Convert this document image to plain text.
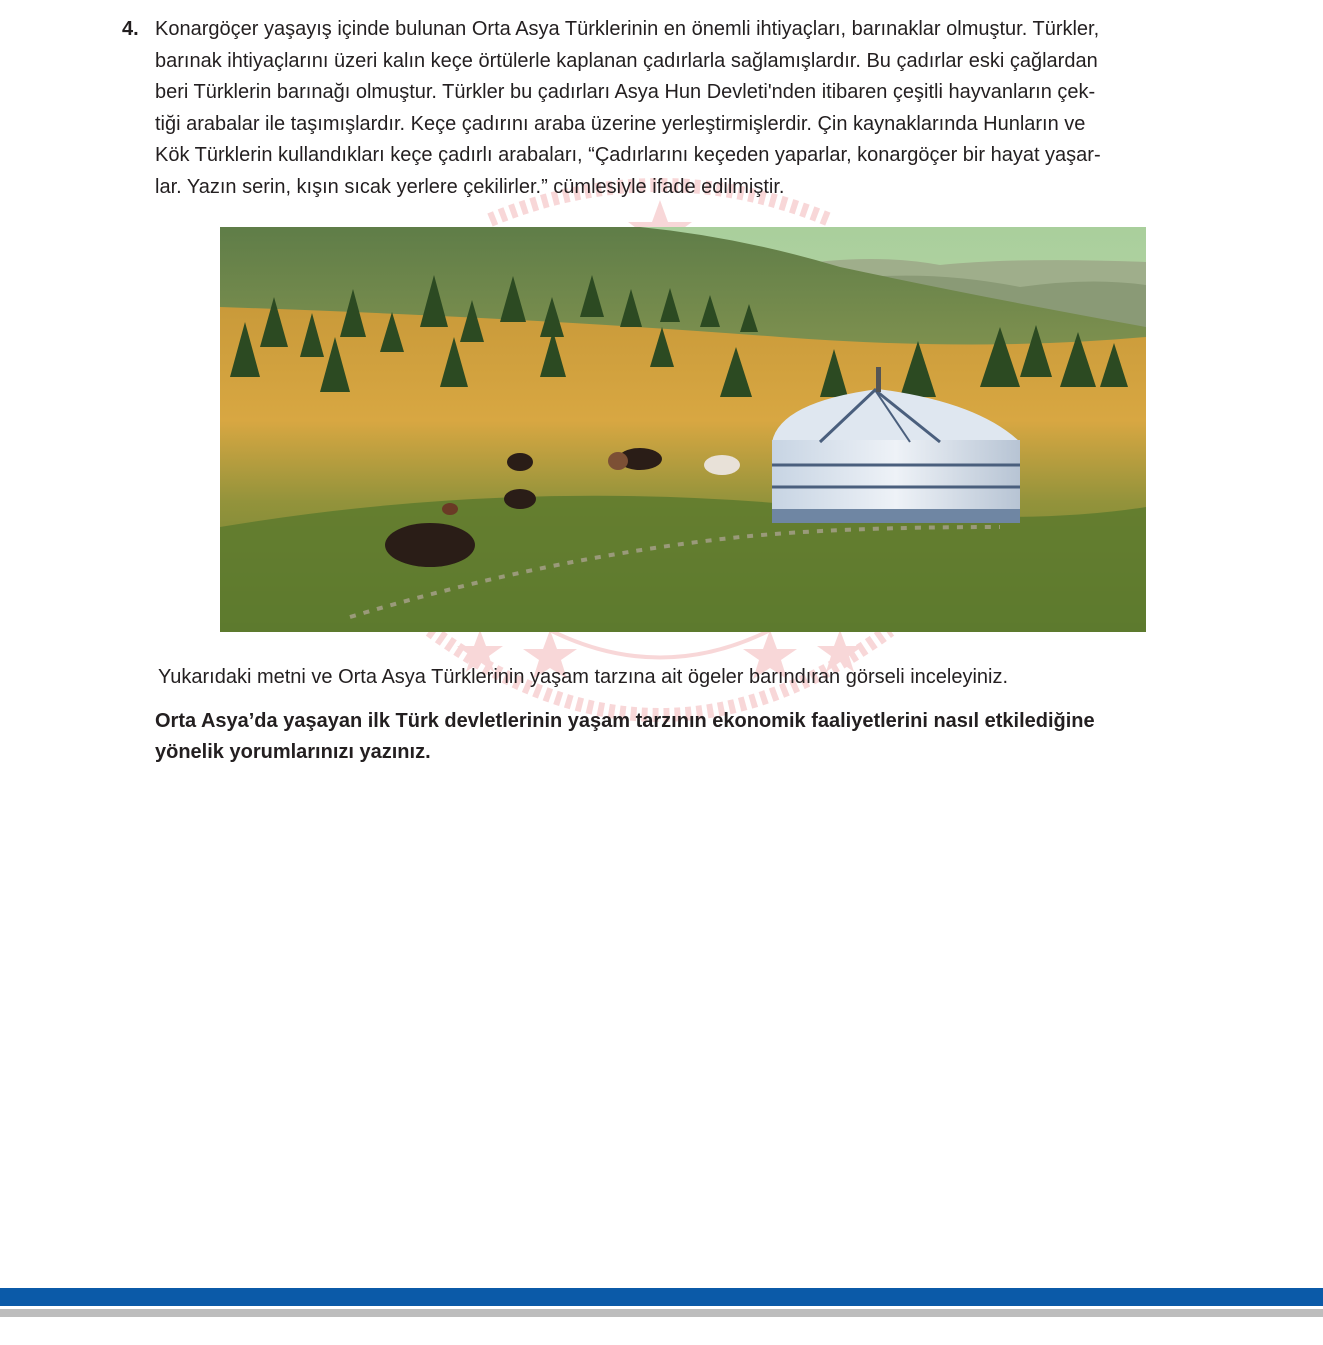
4. Konargöçer yaşayış içinde bulunan Orta Asya Türklerinin en önemli ihtiyaçları, barınaklar olmuştur. Türkler,
barınak ihtiyaçlarını üzeri kalın keçe örtülerle kaplanan çadırlarla sağlamışlardır. Bu çadırlar eski çağlardan
beri Türklerin barınağı olmuştur. Türkler bu çadırları Asya Hun Devleti'nden itibaren çeşitli hayvanların çek-
tiği arabalar ile taşımışlardır. Keçe çadırını araba üzerine yerleştirmişlerdir. Çin kaynaklarında Hunların ve
Kök Türklerin kullandıkları keçe çadırlı arabaları, “Çadırlarını keçeden yaparlar, konargöçer bir hayat yaşar-
lar. Yazın serin, kışın sıcak yerlere çekilirler.” cümlesiyle ifade edilmiştir.
Yukarıdaki metni ve Orta Asya Türklerinin yaşam tarzına ait ögeler barındıran görseli inceleyiniz.
Orta Asya’da yaşayan ilk Türk devletlerinin yaşam tarzının ekonomik faaliyetlerini nasıl etkilediğine
yönelik yorumlarınızı yazınız.
